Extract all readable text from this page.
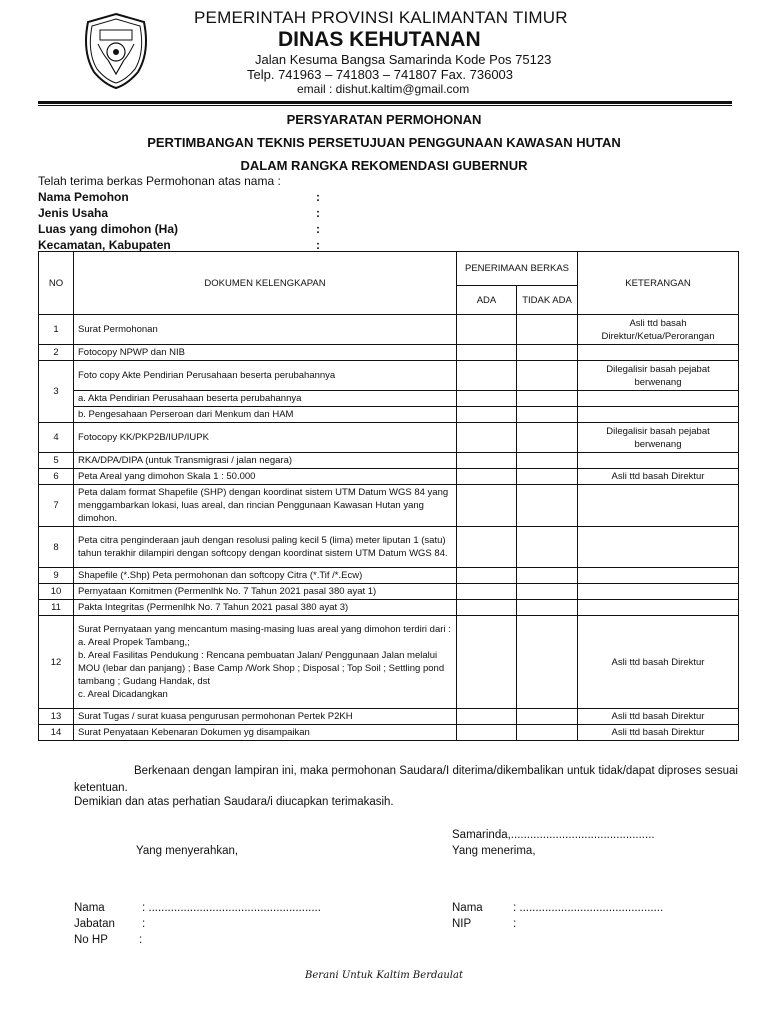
PEMERINTAH PROVINSI KALIMANTAN TIMUR
DINAS KEHUTANAN
Jalan Kesuma Bangsa Samarinda Kode Pos 75123
Telp. 741963 – 741803 – 741807 Fax. 736003
email : dishut.kaltim@gmail.com
PERSYARATAN PERMOHONAN
PERTIMBANGAN TEKNIS PERSETUJUAN PENGGUNAAN KAWASAN HUTAN
DALAM RANGKA REKOMENDASI GUBERNUR
Telah terima berkas Permohonan atas nama :
Nama Pemohon	:
Jenis Usaha	:
Luas yang dimohon (Ha)	:
Kecamatan, Kabupaten	:
NO	DOKUMEN KELENGKAPAN	PENERIMAAN BERKAS		KETERANGAN
		ADA	TIDAK ADA	
1	Surat Permohonan			Asli ttd basah Direktur/Ketua/Perorangan
2	Fotocopy NPWP dan NIB			
3	Foto copy Akte Pendirian Perusahaan beserta perubahannya			Dilegalisir basah pejabat berwenang
	a. Akta Pendirian Perusahaan beserta perubahannya			
	b. Pengesahaan Perseroan dari Menkum dan HAM			
4	Fotocopy KK/PKP2B/IUP/IUPK			Dilegalisir basah pejabat berwenang
5	RKA/DPA/DIPA (untuk Transmigrasi / jalan negara)			
6	Peta Areal yang dimohon Skala 1 : 50.000			Asli ttd basah Direktur
7	Peta dalam format Shapefile (SHP) dengan koordinat sistem UTM Datum WGS 84 yang menggambarkan lokasi, luas areal, dan rincian Penggunaan Kawasan Hutan yang dimohon.			
8	Peta citra penginderaan jauh dengan resolusi paling kecil 5 (lima) meter liputan 1 (satu) tahun terakhir dilampiri dengan softcopy dengan koordinat sistem UTM Datum WGS 84.			
9	Shapefile (*.Shp) Peta permohonan dan softcopy Citra (*.Tif /*.Ecw)			
10	Pernyataan Komitmen (Permenlhk No. 7 Tahun 2021 pasal 380 ayat 1)			
11	Pakta Integritas (Permenlhk No. 7 Tahun 2021 pasal 380 ayat 3)			
12	Surat Pernyataan yang mencantum masing-masing luas areal yang dimohon terdiri dari :
a. Areal Propek Tambang,;
b. Areal Fasilitas Pendukung : Rencana pembuatan Jalan/ Penggunaan Jalan melalui MOU (lebar dan panjang) ; Base Camp /Work Shop ; Disposal ; Top Soil ; Settling pond tambang ; Gudang Handak, dst
c. Areal Dicadangkan			Asli ttd basah Direktur
13	Surat Tugas / surat kuasa pengurusan permohonan Pertek P2KH			Asli ttd basah Direktur
14	Surat Penyataan Kebenaran Dokumen yg disampaikan			Asli ttd basah Direktur
Berkenaan dengan lampiran ini, maka permohonan Saudara/I diterima/dikembalikan untuk tidak/dapat diproses sesuai ketentuan.
Demikian dan atas perhatian Saudara/i diucapkan terimakasih.
Samarinda,.............................................
Yang menyerahkan,	Yang menerima,
Nama	: ......................................................
Jabatan :
No HP	:
Nama	: .............................................
NIP	:
Berani Untuk Kaltim Berdaulat
